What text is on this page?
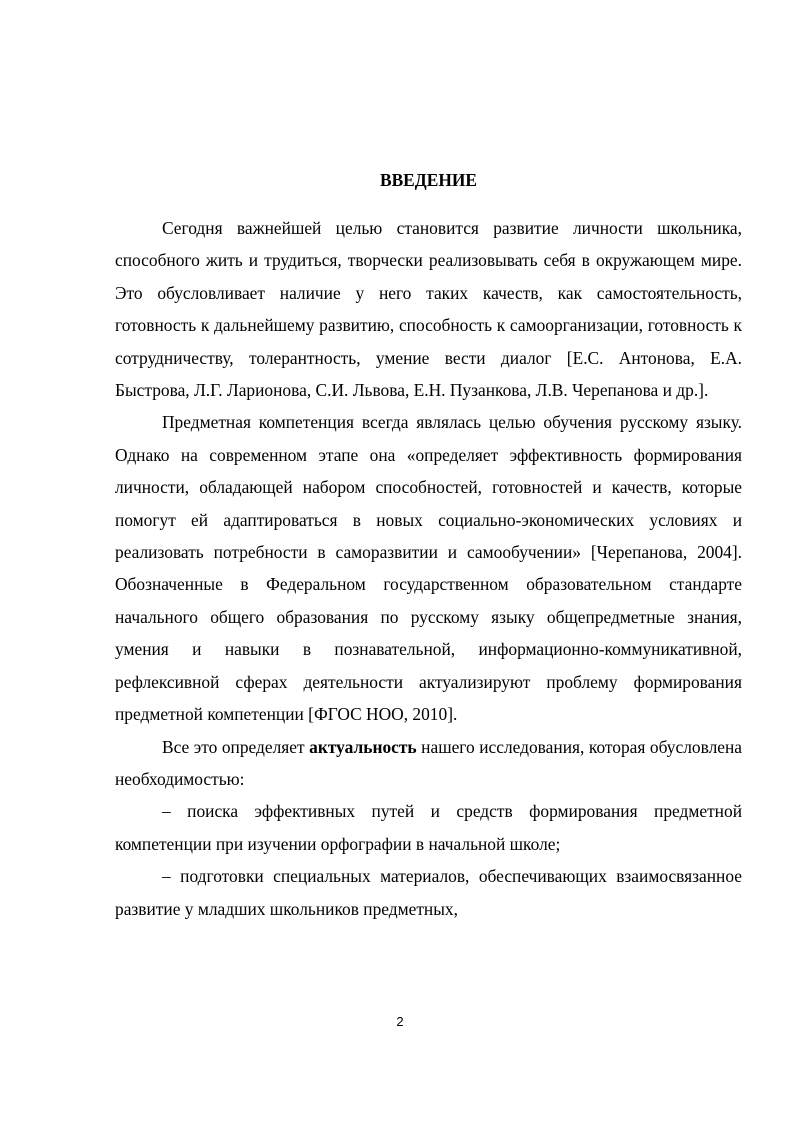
ВВЕДЕНИЕ

Сегодня важнейшей целью становится развитие личности школьника, способного жить и трудиться, творчески реализовывать себя в окружающем мире. Это обусловливает наличие у него таких качеств, как самостоятельность, готовность к дальнейшему развитию, способность к самоорганизации, готовность к сотрудничеству, толерантность, умение вести диалог [Е.С. Антонова, Е.А. Быстрова, Л.Г. Ларионова, С.И. Львова, Е.Н. Пузанкова, Л.В. Черепанова и др.].

Предметная компетенция всегда являлась целью обучения русскому языку. Однако на современном этапе она «определяет эффективность формирования личности, обладающей набором способностей, готовностей и качеств, которые помогут ей адаптироваться в новых социально-экономических условиях и реализовать потребности в саморазвитии и самообучении» [Черепанова, 2004]. Обозначенные в Федеральном государственном образовательном стандарте начального общего образования по русскому языку общепредметные знания, умения и навыки в познавательной, информационно-коммуникативной, рефлексивной сферах деятельности актуализируют проблему формирования предметной компетенции [ФГОС НОО, 2010].

Все это определяет актуальность нашего исследования, которая обусловлена необходимостью:

– поиска эффективных путей и средств формирования предметной компетенции при изучении орфографии в начальной школе;

– подготовки специальных материалов, обеспечивающих взаимосвязанное развитие у младших школьников предметных,

2
